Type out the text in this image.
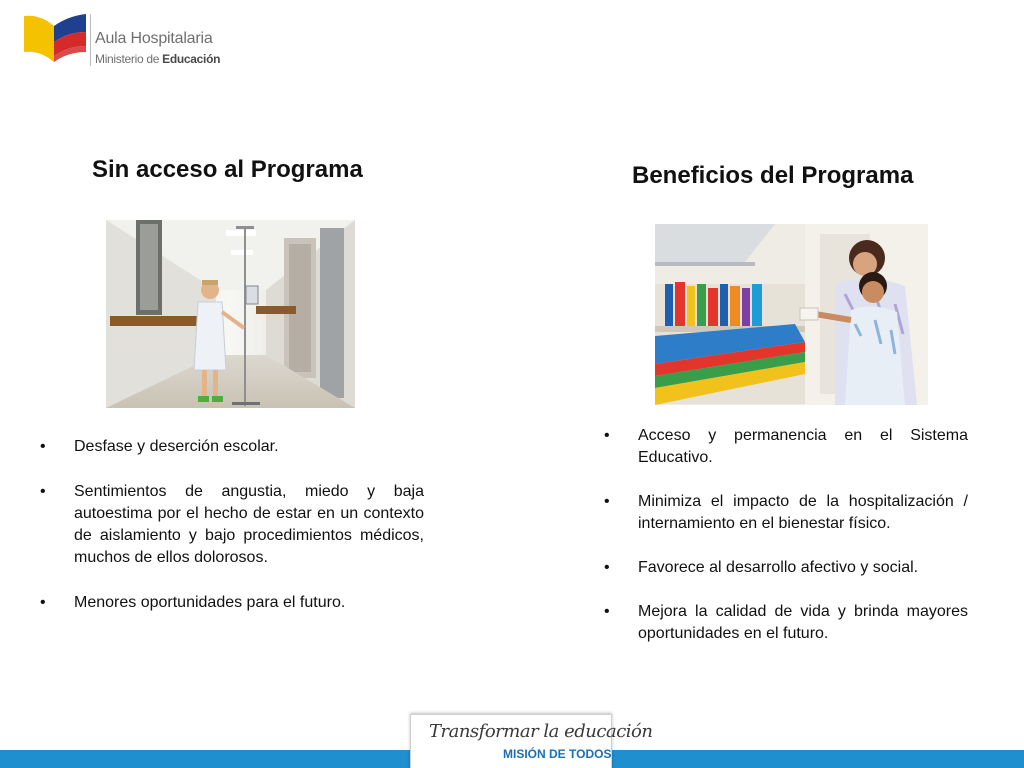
Aula Hospitalaria
Ministerio de Educación
Sin acceso al Programa
• Desfase y deserción escolar.
• Sentimientos de angustia, miedo y baja autoestima por el hecho de estar en un contexto de aislamiento y bajo procedimientos médicos, muchos de ellos dolorosos.
• Menores oportunidades para el futuro.
Beneficios del Programa
• Acceso y permanencia en el Sistema Educativo.
• Minimiza el impacto de la hospitalización / internamiento en el bienestar físico.
• Favorece al desarrollo afectivo y social.
• Mejora la calidad de vida y brinda mayores oportunidades en el futuro.
Transformar la educación
MISIÓN DE TODOS
